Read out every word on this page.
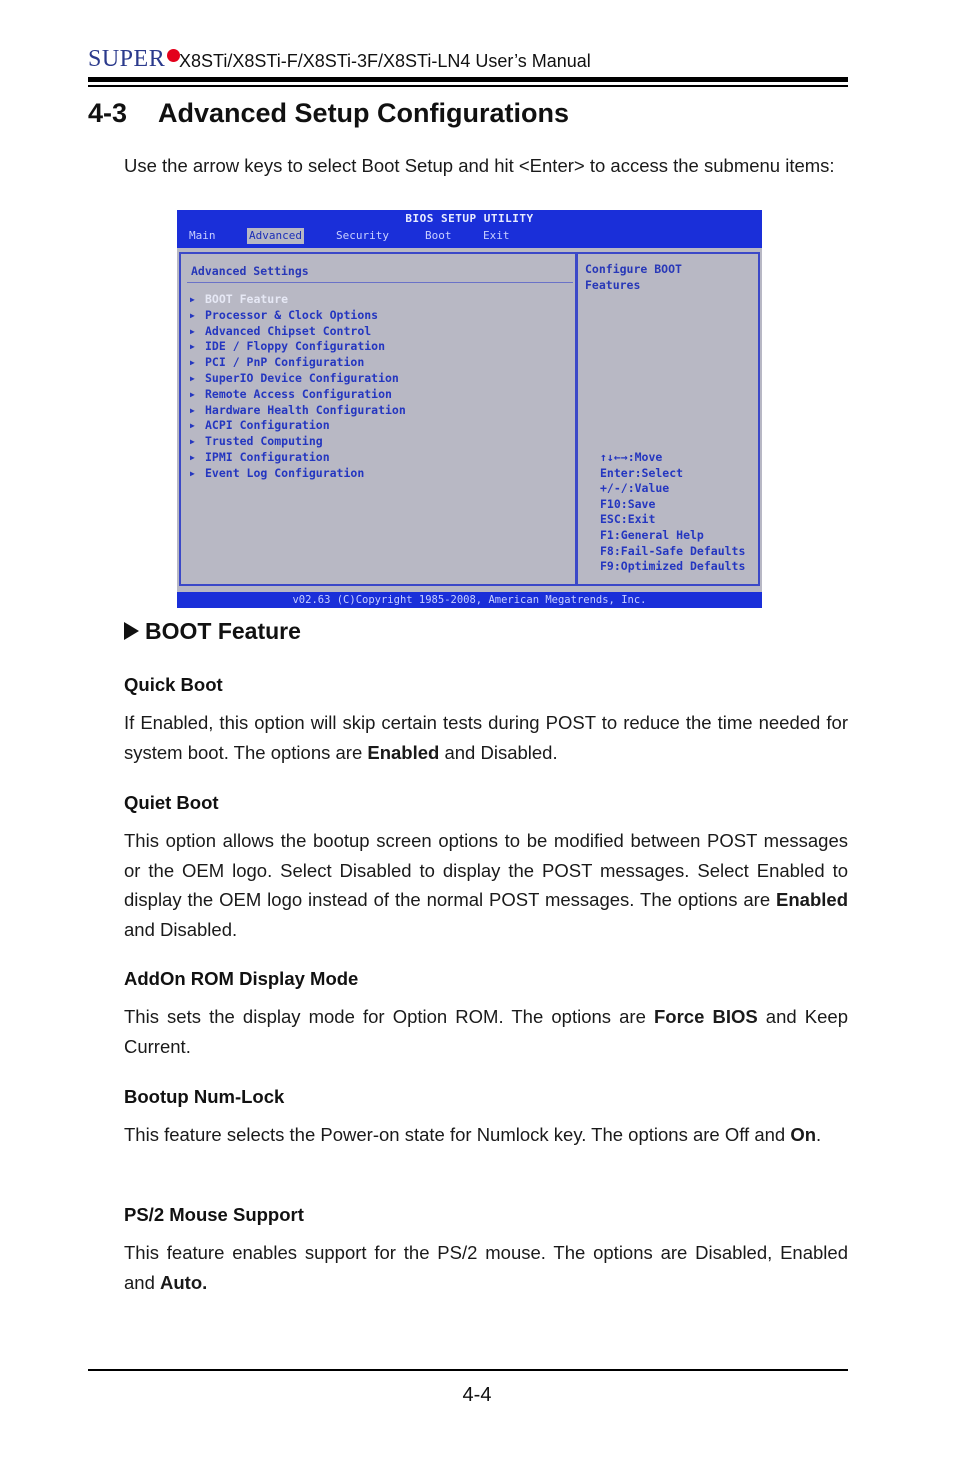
SUPER X8STi/X8STi-F/X8STi-3F/X8STi-LN4 User’s Manual
4-3 Advanced Setup Configurations
Use the arrow keys to select Boot Setup and hit <Enter> to access the submenu items:
BIOS SETUP UTILITY
Main	Advanced	Security	Boot	Exit
Advanced Settings
▶ BOOT Feature
▶ Processor & Clock Options
▶ Advanced Chipset Control
▶ IDE / Floppy Configuration
▶ PCI / PnP Configuration
▶ SuperIO Device Configuration
▶ Remote Access Configuration
▶ Hardware Health Configuration
▶ ACPI Configuration
▶ Trusted Computing
▶ IPMI Configuration
▶ Event Log Configuration
Configure BOOT
Features
↑↓←→:Move
Enter:Select
+/-/:Value
F10:Save
ESC:Exit
F1:General Help
F8:Fail-Safe Defaults
F9:Optimized Defaults
v02.63 (C)Copyright 1985-2008, American Megatrends, Inc.
BOOT Feature
Quick Boot
If Enabled, this option will skip certain tests during POST to reduce the time needed for system boot. The options are Enabled and Disabled.
Quiet Boot
This option allows the bootup screen options to be modified between POST messages or the OEM logo. Select Disabled to display the POST messages. Select Enabled to display the OEM logo instead of the normal POST messages. The options are Enabled and Disabled.
AddOn ROM Display Mode
This sets the display mode for Option ROM. The options are Force BIOS and Keep Current.
Bootup Num-Lock
This feature selects the Power-on state for Numlock key. The options are Off and On.
PS/2 Mouse Support
This feature enables support for the PS/2 mouse. The options are Disabled, Enabled and Auto.
4-4
